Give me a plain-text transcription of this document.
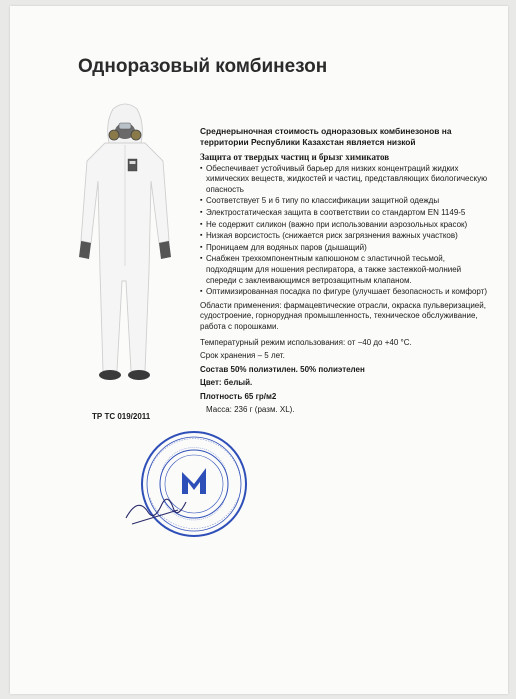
Одноразовый комбинезон

Среднерыночная стоимость одноразовых комбинезонов на территории Республики Казахстан является низкой

Защита от твердых частиц и брызг химикатов

▪ Обеспечивает устойчивый барьер для низких концентраций жидких химических веществ, жидкостей и частиц, представляющих биологическую опасность
▪ Соответствует 5 и 6 типу по классификации защитной одежды
▪ Электростатическая защита в соответствии со стандартом EN 1149-5
▪ Не содержит силикон (важно при использовании аэрозольных красок)
▪ Низкая ворсистость (снижается риск загрязнения важных участков)
▪ Проницаем для водяных паров (дышащий)
▪ Снабжен трехкомпонентным капюшоном с эластичной тесьмой, подходящим для ношения респиратора, а также застежкой-молнией спереди с заклеивающимся ветрозащитным клапаном.
▪ Оптимизированная посадка по фигуре (улучшает безопасность и комфорт)

Области применения: фармацевтические отрасли, окраска пульверизацией, судостроение, горнорудная промышленность, техническое обслуживание, работа с порошками.

Температурный режим использования: от −40 до +40 °С.

Срок хранения – 5 лет.

Состав 50% полиэтилен. 50% полиэтелен

Цвет: белый.

Плотность 65 гр/м2

Масса: 236 г (разм. XL).

ТР ТС 019/2011
